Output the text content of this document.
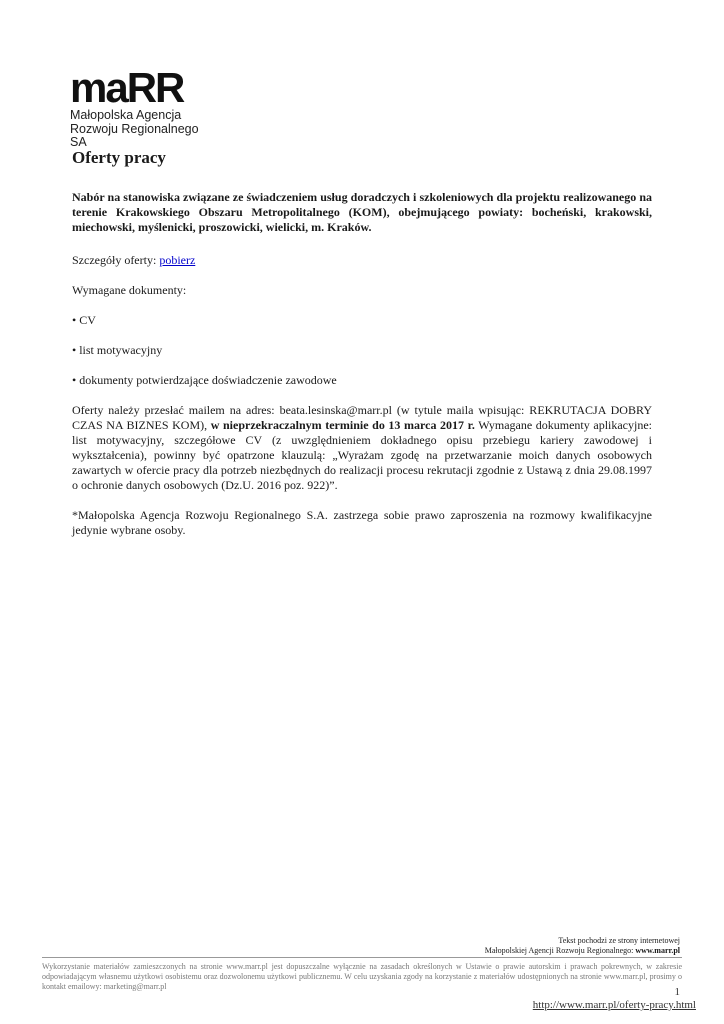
maRR
Małopolska Agencja
Rozwoju Regionalnego SA
Oferty pracy
Nabór na stanowiska związane ze świadczeniem usług doradczych i szkoleniowych dla projektu realizowanego na terenie Krakowskiego Obszaru Metropolitalnego (KOM), obejmującego powiaty: bocheński, krakowski, miechowski, myślenicki, proszowicki, wielicki, m. Kraków.

Szczegóły oferty: pobierz

Wymagane dokumenty:

• CV

• list motywacyjny

• dokumenty potwierdzające doświadczenie zawodowe

Oferty należy przesłać mailem na adres: beata.lesinska@marr.pl (w tytule maila wpisując: REKRUTACJA DOBRY CZAS NA BIZNES KOM), w nieprzekraczalnym terminie do 13 marca 2017 r. Wymagane dokumenty aplikacyjne: list motywacyjny, szczegółowe CV (z uwzględnieniem dokładnego opisu przebiegu kariery zawodowej i wykształcenia), powinny być opatrzone klauzulą: „Wyrażam zgodę na przetwarzanie moich danych osobowych zawartych w ofercie pracy dla potrzeb niezbędnych do realizacji procesu rekrutacji zgodnie z Ustawą z dnia 29.08.1997 o ochronie danych osobowych (Dz.U. 2016 poz. 922)”.

*Małopolska Agencja Rozwoju Regionalnego S.A. zastrzega sobie prawo zaproszenia na rozmowy kwalifikacyjne jedynie wybrane osoby.

Tekst pochodzi ze strony internetowej
Małopolskiej Agencji Rozwoju Regionalnego: www.marr.pl
Wykorzystanie materiałów zamieszczonych na stronie www.marr.pl jest dopuszczalne wyłącznie na zasadach określonych w Ustawie o prawie autorskim i prawach pokrewnych, w zakresie odpowiadającym własnemu użytkowi osobistemu oraz dozwolonemu użytkowi publicznemu. W celu uzyskania zgody na korzystanie z materiałów udostępnionych na stronie www.marr.pl, prosimy o kontakt emailowy: marketing@marr.pl	1
http://www.marr.pl/oferty-pracy.html
